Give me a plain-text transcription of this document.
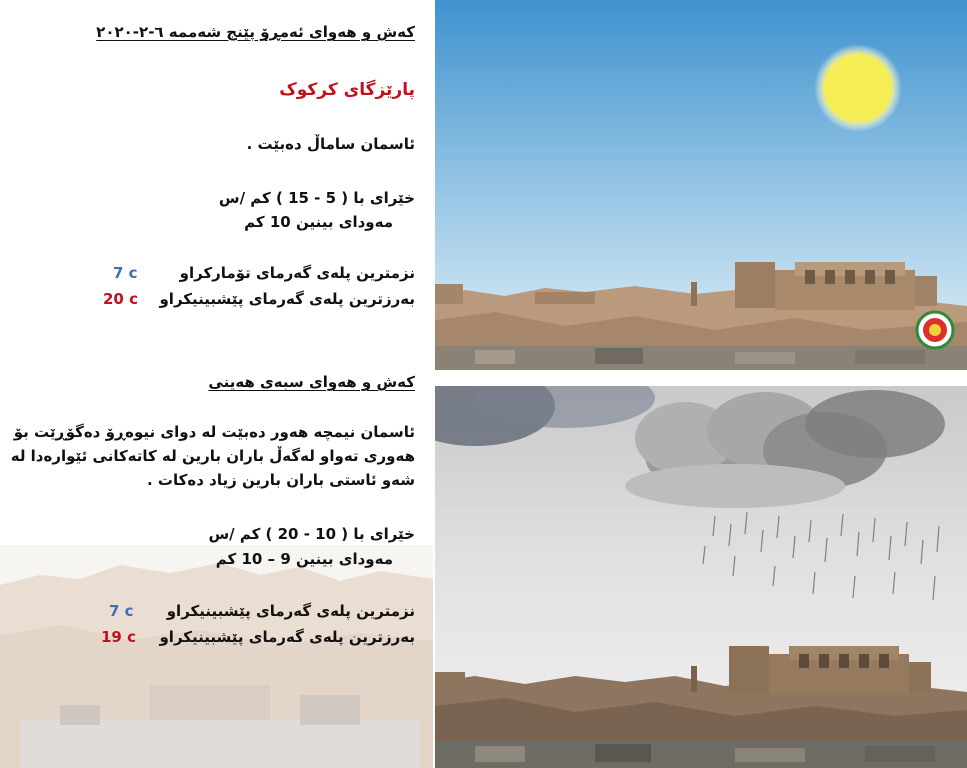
کەش و هەوای ئەمڕۆ پێنج شەممە ٦-٢-٢٠٢٠
پارێزگای کرکوک
ئاسمان ساماڵ دەبێت .
خێرای با ( 5 - 15 ) کم /س
مەودای بینین 10 کم
نزمترین پلەی گەرمای تۆمارکراو
7 c
بەرزترین پلەی گەرمای پێشبینیکراو
20 c
کەش و هەوای سبەی هەینی
ئاسمان نیمچە هەور دەبێت لە دوای نیوەڕۆ دەگۆڕێت بۆ
هەوری تەواو لەگەڵ باران بارین لە کاتەکانی ئێوارەدا لە
شەو ئاستی باران بارین زیاد دەکات .
خێرای با ( 10 - 20 ) کم /س
مەودای بینین 9 – 10 کم
نزمترین پلەی گەرمای پێشبینیکراو
7 c
بەرزترین پلەی گەرمای پێشبینیکراو
19 c
